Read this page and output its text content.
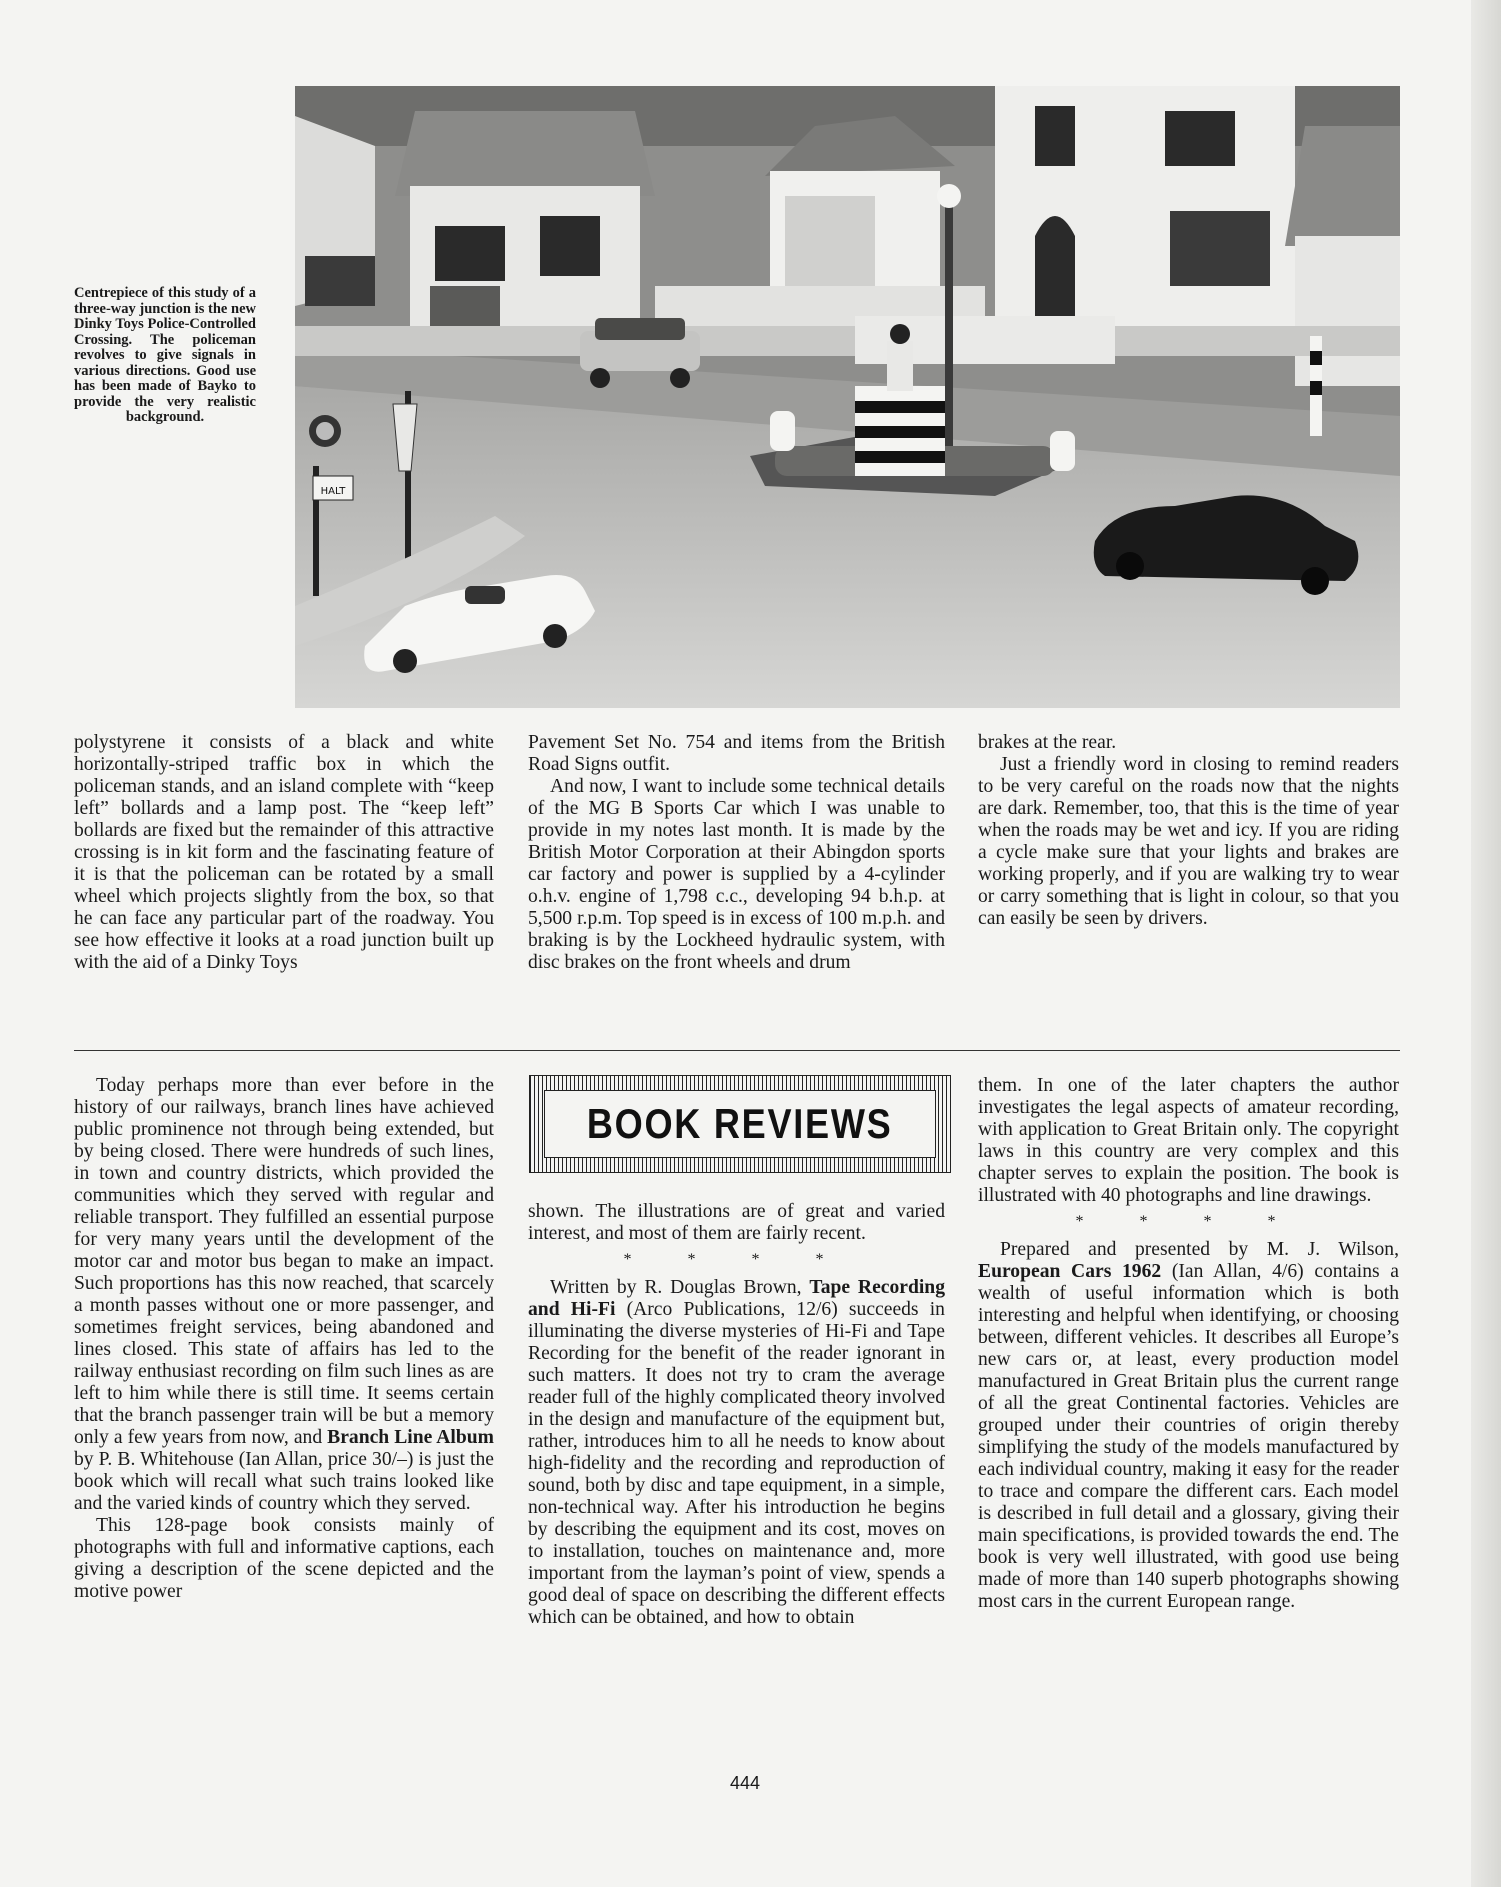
HALT
Centrepiece of this study of a three-way junction is the new Dinky Toys Police-Controlled Crossing. The policeman revolves to give signals in various directions. Good use has been made of Bayko to provide the very realistic background.

polystyrene it consists of a black and white horizontally-striped traffic box in which the policeman stands, and an island complete with “keep left” bollards and a lamp post. The “keep left” bollards are fixed but the remainder of this attractive crossing is in kit form and the fascinating feature of it is that the policeman can be rotated by a small wheel which projects slightly from the box, so that he can face any particular part of the roadway. You see how effective it looks at a road junction built up with the aid of a Dinky Toys

Pavement Set No. 754 and items from the British Road Signs outfit.

And now, I want to include some technical details of the MG B Sports Car which I was unable to provide in my notes last month. It is made by the British Motor Corporation at their Abingdon sports car factory and power is supplied by a 4-cylinder o.h.v. engine of 1,798 c.c., developing 94 b.h.p. at 5,500 r.p.m. Top speed is in excess of 100 m.p.h. and braking is by the Lockheed hydraulic system, with disc brakes on the front wheels and drum

brakes at the rear.

Just a friendly word in closing to remind readers to be very careful on the roads now that the nights are dark. Remember, too, that this is the time of year when the roads may be wet and icy. If you are riding a cycle make sure that your lights and brakes are working properly, and if you are walking try to wear or carry something that is light in colour, so that you can easily be seen by drivers.

BOOK REVIEWS

Today perhaps more than ever before in the history of our railways, branch lines have achieved public prominence not through being extended, but by being closed. There were hundreds of such lines, in town and country districts, which provided the communities which they served with regular and reliable transport. They fulfilled an essential purpose for very many years until the development of the motor car and motor bus began to make an impact. Such proportions has this now reached, that scarcely a month passes without one or more passenger, and sometimes freight services, being abandoned and lines closed. This state of affairs has led to the railway enthusiast recording on film such lines as are left to him while there is still time. It seems certain that the branch passenger train will be but a memory only a few years from now, and Branch Line Album by P. B. Whitehouse (Ian Allan, price 30/–) is just the book which will recall what such trains looked like and the varied kinds of country which they served.

This 128-page book consists mainly of photographs with full and informative captions, each giving a description of the scene depicted and the motive power

shown. The illustrations are of great and varied interest, and most of them are fairly recent.

* * * *

Written by R. Douglas Brown, Tape Recording and Hi-Fi (Arco Publications, 12/6) succeeds in illuminating the diverse mysteries of Hi-Fi and Tape Recording for the benefit of the reader ignorant in such matters. It does not try to cram the average reader full of the highly complicated theory involved in the design and manufacture of the equipment but, rather, introduces him to all he needs to know about high-fidelity and the recording and reproduction of sound, both by disc and tape equipment, in a simple, non-technical way. After his introduction he begins by describing the equipment and its cost, moves on to installation, touches on maintenance and, more important from the layman’s point of view, spends a good deal of space on describing the different effects which can be obtained, and how to obtain

them. In one of the later chapters the author investigates the legal aspects of amateur recording, with application to Great Britain only. The copyright laws in this country are very complex and this chapter serves to explain the position. The book is illustrated with 40 photographs and line drawings.

* * * *

Prepared and presented by M. J. Wilson, European Cars 1962 (Ian Allan, 4/6) contains a wealth of useful information which is both interesting and helpful when identifying, or choosing between, different vehicles. It describes all Europe’s new cars or, at least, every production model manufactured in Great Britain plus the current range of all the great Continental factories. Vehicles are grouped under their countries of origin thereby simplifying the study of the models manufactured by each individual country, making it easy for the reader to trace and compare the different cars. Each model is described in full detail and a glossary, giving their main specifications, is provided towards the end. The book is very well illustrated, with good use being made of more than 140 superb photographs showing most cars in the current European range.

444
